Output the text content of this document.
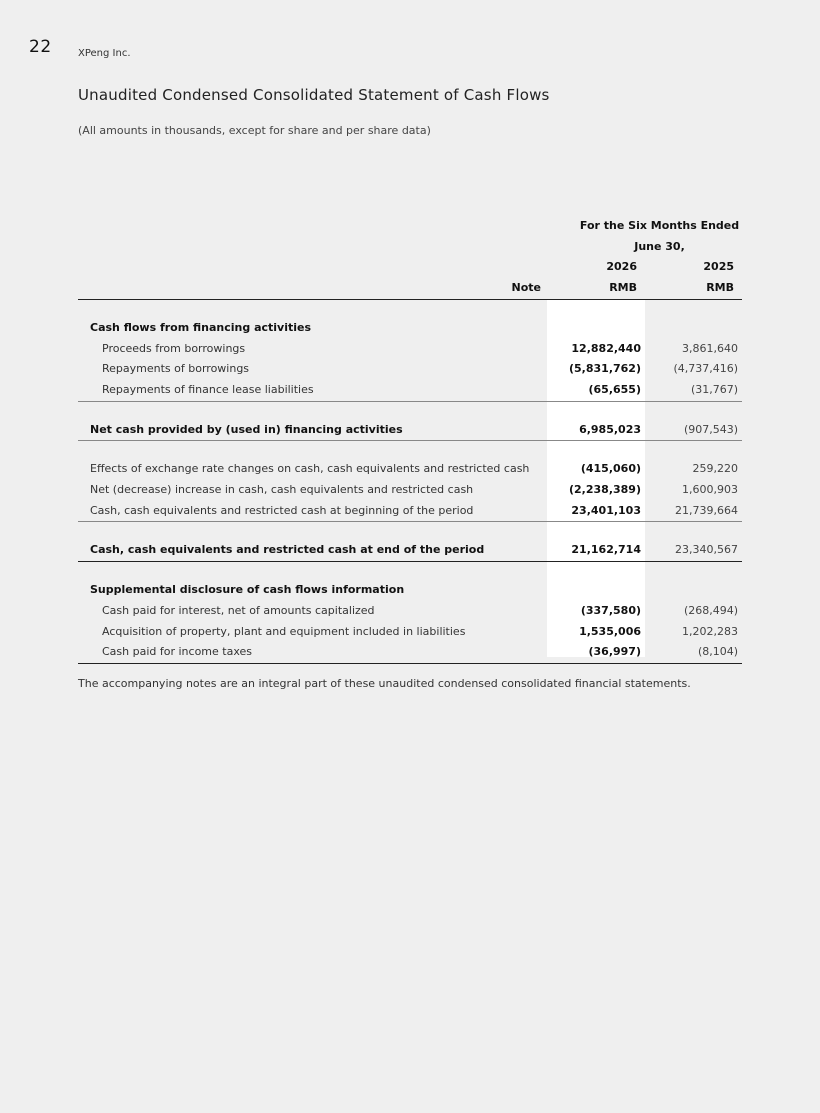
22	XPeng Inc.
Unaudited Condensed Consolidated Statement of Cash Flows
(All amounts in thousands, except for share and per share data)
		For the Six Months Ended	
		June 30,	
		2026	2025
	Note	RMB	RMB

Cash flows from financing activities			
Proceeds from borrowings		12,882,440	3,861,640
Repayments of borrowings		(5,831,762)	(4,737,416)
Repayments of finance lease liabilities		(65,655)	(31,767)

Net cash provided by (used in) financing activities		6,985,023	(907,543)

Effects of exchange rate changes on cash, cash equivalents and restricted cash		(415,060)	259,220
Net (decrease) increase in cash, cash equivalents and restricted cash		(2,238,389)	1,600,903
Cash, cash equivalents and restricted cash at beginning of the period		23,401,103	21,739,664

Cash, cash equivalents and restricted cash at end of the period		21,162,714	23,340,567

Supplemental disclosure of cash flows information			
Cash paid for interest, net of amounts capitalized		(337,580)	(268,494)
Acquisition of property, plant and equipment included in liabilities		1,535,006	1,202,283
Cash paid for income taxes		(36,997)	(8,104)
The accompanying notes are an integral part of these unaudited condensed consolidated financial statements.
